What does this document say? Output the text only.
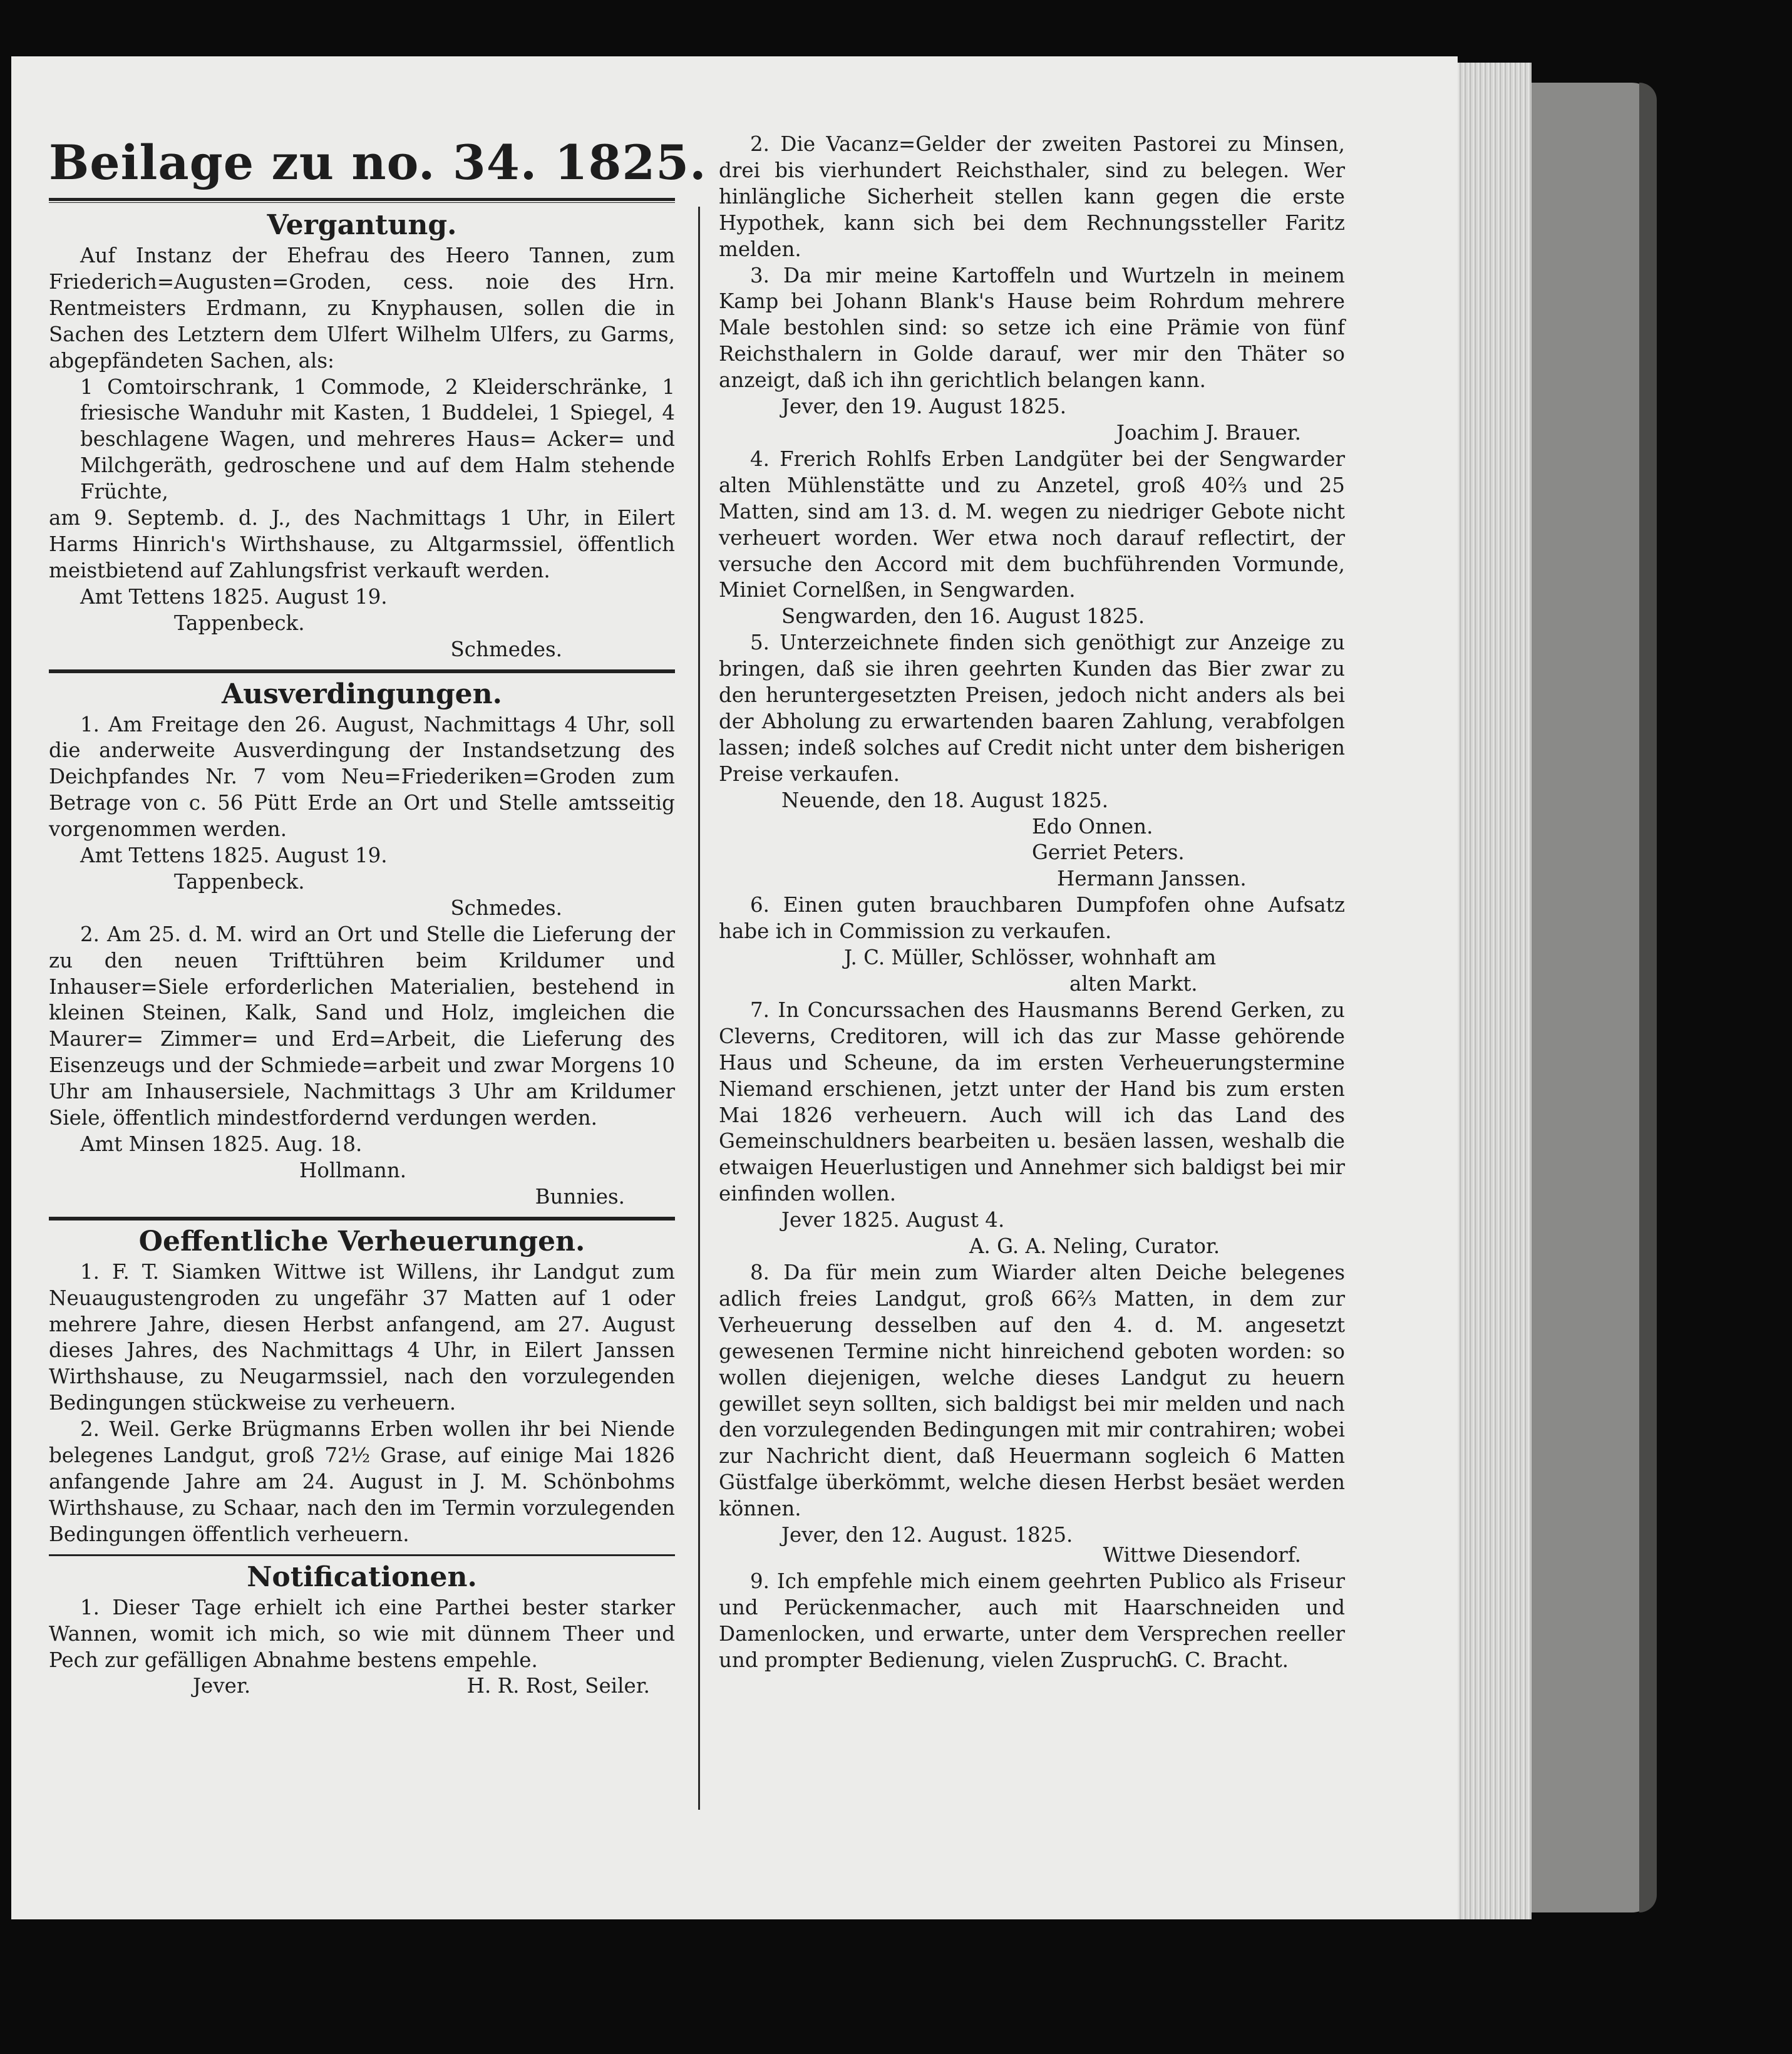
Beilage zu no. 34. 1825.
Vergantung.

Auf Instanz der Ehefrau des Heero Tannen, zum Friederich=Augusten=Groden, cess. noie des Hrn. Rentmeisters Erdmann, zu Knyphausen, sollen die in Sachen des Letztern dem Ulfert Wilhelm Ulfers, zu Garms, abgepfändeten Sachen, als:

1 Comtoirschrank, 1 Commode, 2 Kleiderschränke, 1 friesische Wanduhr mit Kasten, 1 Buddelei, 1 Spiegel, 4 beschlagene Wagen, und mehreres Haus= Acker= und Milchgeräth, gedroschene und auf dem Halm stehende Früchte,

am 9. Septemb. d. J., des Nachmittags 1 Uhr, in Eilert Harms Hinrich's Wirthshause, zu Altgarmssiel, öffentlich meistbietend auf Zahlungsfrist verkauft werden.

Amt Tettens 1825. August 19.

Tappenbeck.

Schmedes.

Ausverdingungen.

1. Am Freitage den 26. August, Nachmittags 4 Uhr, soll die anderweite Ausverdingung der Instandsetzung des Deichpfandes Nr. 7 vom Neu=Friederiken=Groden zum Betrage von c. 56 Pütt Erde an Ort und Stelle amtsseitig vorgenommen werden.

Amt Tettens 1825. August 19.

Tappenbeck.

Schmedes.

2. Am 25. d. M. wird an Ort und Stelle die Lieferung der zu den neuen Trifttühren beim Krildumer und Inhauser=Siele erforderlichen Materialien, bestehend in kleinen Steinen, Kalk, Sand und Holz, imgleichen die Maurer= Zimmer= und Erd=Arbeit, die Lieferung des Eisenzeugs und der Schmiede=arbeit und zwar Morgens 10 Uhr am Inhausersiele, Nachmittags 3 Uhr am Krildumer Siele, öffentlich mindestfordernd verdungen werden.

Amt Minsen 1825. Aug. 18.

Hollmann.

Bunnies.

Oeffentliche Verheuerungen.

1. F. T. Siamken Wittwe ist Willens, ihr Landgut zum Neuaugustengroden zu ungefähr 37 Matten auf 1 oder mehrere Jahre, diesen Herbst anfangend, am 27. August dieses Jahres, des Nachmittags 4 Uhr, in Eilert Janssen Wirthshause, zu Neugarmssiel, nach den vorzulegenden Bedingungen stückweise zu verheuern.

2. Weil. Gerke Brügmanns Erben wollen ihr bei Niende belegenes Landgut, groß 72½ Grase, auf einige Mai 1826 anfangende Jahre am 24. August in J. M. Schönbohms Wirthshause, zu Schaar, nach den im Termin vorzulegenden Bedingungen öffentlich verheuern.

Notificationen.

1. Dieser Tage erhielt ich eine Parthei bester starker Wannen, womit ich mich, so wie mit dünnem Theer und Pech zur gefälligen Abnahme bestens empehle.

Jever.	H. R. Rost, Seiler.

2. Die Vacanz=Gelder der zweiten Pastorei zu Minsen, drei bis vierhundert Reichsthaler, sind zu belegen. Wer hinlängliche Sicherheit stellen kann gegen die erste Hypothek, kann sich bei dem Rechnungssteller Faritz melden.

3. Da mir meine Kartoffeln und Wurtzeln in meinem Kamp bei Johann Blank's Hause beim Rohrdum mehrere Male bestohlen sind: so setze ich eine Prämie von fünf Reichsthalern in Golde darauf, wer mir den Thäter so anzeigt, daß ich ihn gerichtlich belangen kann.

Jever, den 19. August 1825.

Joachim J. Brauer.

4. Frerich Rohlfs Erben Landgüter bei der Sengwarder alten Mühlenstätte und zu Anzetel, groß 40⅔ und 25 Matten, sind am 13. d. M. wegen zu niedriger Gebote nicht verheuert worden. Wer etwa noch darauf reflectirt, der versuche den Accord mit dem buchführenden Vormunde, Miniet Cornelßen, in Sengwarden.

Sengwarden, den 16. August 1825.

5. Unterzeichnete finden sich genöthigt zur Anzeige zu bringen, daß sie ihren geehrten Kunden das Bier zwar zu den heruntergesetzten Preisen, jedoch nicht anders als bei der Abholung zu erwartenden baaren Zahlung, verabfolgen lassen; indeß solches auf Credit nicht unter dem bisherigen Preise verkaufen.

Neuende, den 18. August 1825.

Edo Onnen.

Gerriet Peters.

Hermann Janssen.

6. Einen guten brauchbaren Dumpfofen ohne Aufsatz habe ich in Commission zu verkaufen.

J. C. Müller, Schlösser, wohnhaft am

alten Markt.

7. In Concurssachen des Hausmanns Berend Gerken, zu Cleverns, Creditoren, will ich das zur Masse gehörende Haus und Scheune, da im ersten Verheuerungstermine Niemand erschienen, jetzt unter der Hand bis zum ersten Mai 1826 verheuern. Auch will ich das Land des Gemeinschuldners bearbeiten u. besäen lassen, weshalb die etwaigen Heuerlustigen und Annehmer sich baldigst bei mir einfinden wollen.

Jever 1825. August 4.

A. G. A. Neling, Curator.

8. Da für mein zum Wiarder alten Deiche belegenes adlich freies Landgut, groß 66⅔ Matten, in dem zur Verheuerung desselben auf den 4. d. M. angesetzt gewesenen Termine nicht hinreichend geboten worden: so wollen diejenigen, welche dieses Landgut zu heuern gewillet seyn sollten, sich baldigst bei mir melden und nach den vorzulegenden Bedingungen mit mir contrahiren; wobei zur Nachricht dient, daß Heuermann sogleich 6 Matten Güstfalge überkömmt, welche diesen Herbst besäet werden können.

Jever, den 12. August. 1825.

Wittwe Diesendorf.

9. Ich empfehle mich einem geehrten Publico als Friseur und Perückenmacher, auch mit Haarschneiden und Damenlocken, und erwarte, unter dem Versprechen reeller und prompter Bedienung, vielen Zuspruch.

G. C. Bracht.
